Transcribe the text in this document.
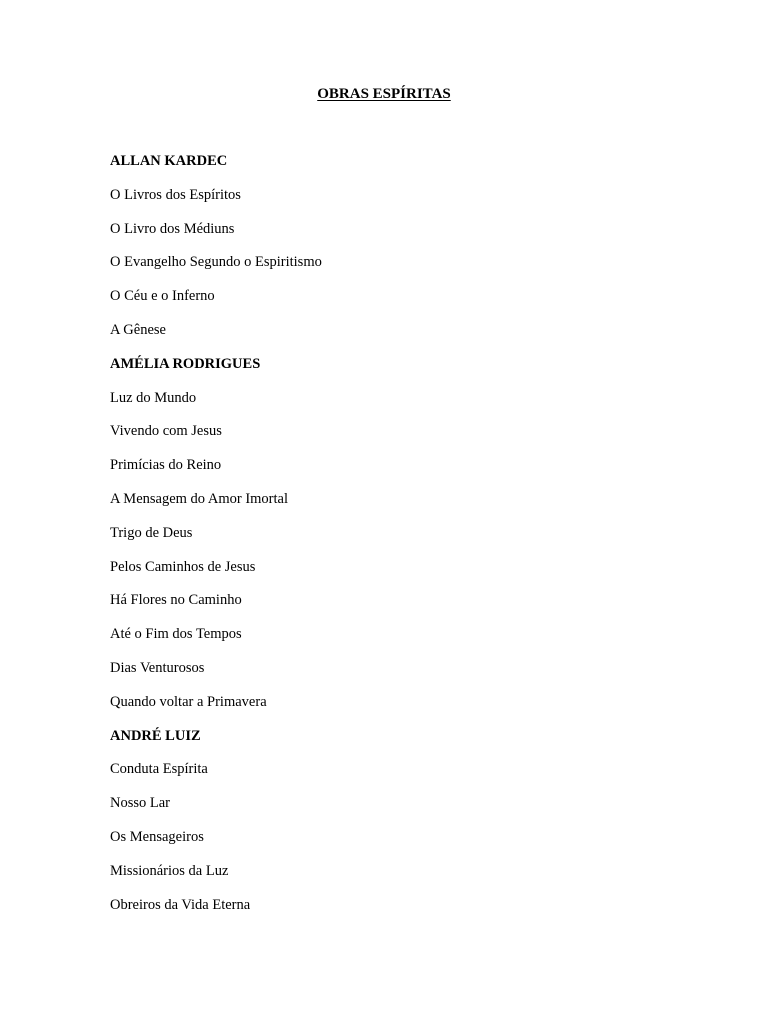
OBRAS ESPÍRITAS
ALLAN KARDEC
O Livros dos Espíritos
O Livro dos Médiuns
O Evangelho Segundo o Espiritismo
O Céu e o Inferno
A Gênese
AMÉLIA RODRIGUES
Luz do Mundo
Vivendo com Jesus
Primícias do Reino
A Mensagem do Amor Imortal
Trigo de Deus
Pelos Caminhos de Jesus
Há Flores no Caminho
Até o Fim dos Tempos
Dias Venturosos
Quando voltar a Primavera
ANDRÉ LUIZ
Conduta Espírita
Nosso Lar
Os Mensageiros
Missionários da Luz
Obreiros da Vida Eterna
